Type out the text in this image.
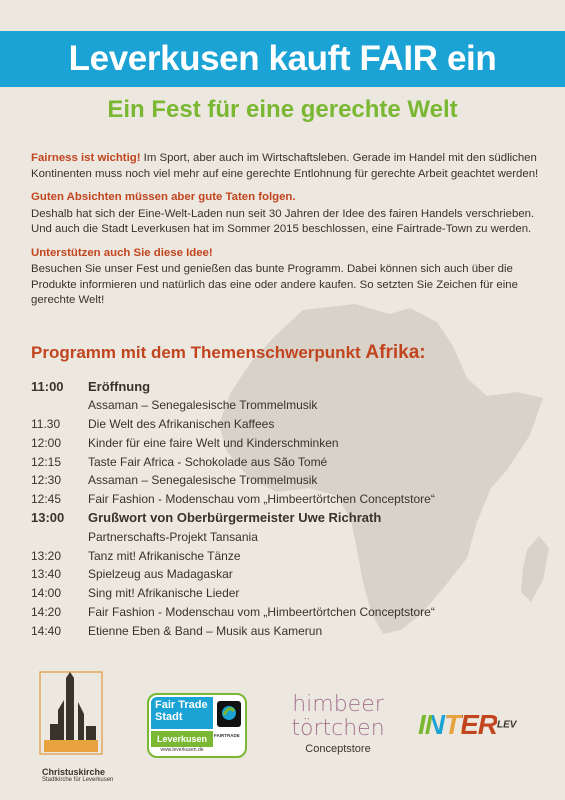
Leverkusen kauft FAIR ein
Ein Fest für eine gerechte Welt

Fairness ist wichtig! Im Sport, aber auch im Wirtschaftsleben. Gerade im Handel mit den südlichen Kontinenten muss noch viel mehr auf eine gerechte Entlohnung für gerechte Arbeit geachtet werden!

Guten Absichten müssen aber gute Taten folgen.
Deshalb hat sich der Eine-Welt-Laden nun seit 30 Jahren der Idee des fairen Handels verschrieben. Und auch die Stadt Leverkusen hat im Sommer 2015 beschlossen, eine Fairtrade-Town zu werden.

Unterstützen auch Sie diese Idee!
Besuchen Sie unser Fest und genießen das bunte Programm. Dabei können sich auch über die Produkte informieren und natürlich das eine oder andere kaufen. So setzten Sie Zeichen für eine gerechte Welt!

Programm mit dem Themenschwerpunkt Afrika:
11:00	Eröffnung
Assaman – Senegalesische Trommelmusik
11.30	Die Welt des Afrikanischen Kaffees
12:00	Kinder für eine faire Welt und Kinderschminken
12:15	Taste Fair Africa - Schokolade aus São Tomé
12:30	Assaman – Senegalesische Trommelmusik
12:45	Fair Fashion - Modenschau vom „Himbeertörtchen Conceptstore“
13:00	Grußwort von Oberbürgermeister Uwe Richrath
Partnerschafts-Projekt Tansania
13:20	Tanz mit! Afrikanische Tänze
13:40	Spielzeug aus Madagaskar
14:00	Sing mit! Afrikanische Lieder
14:20	Fair Fashion - Modenschau vom „Himbeertörtchen Conceptstore“
14:40	Etienne Eben & Band – Musik aus Kamerun
Christuskirche
Stadtkirche für Leverkusen
Fair Trade
Stadt
Leverkusen
www.leverkusen.de
FAIRTRADE
himbeer
törtchen
Conceptstore
$INTER^{LEV}$
